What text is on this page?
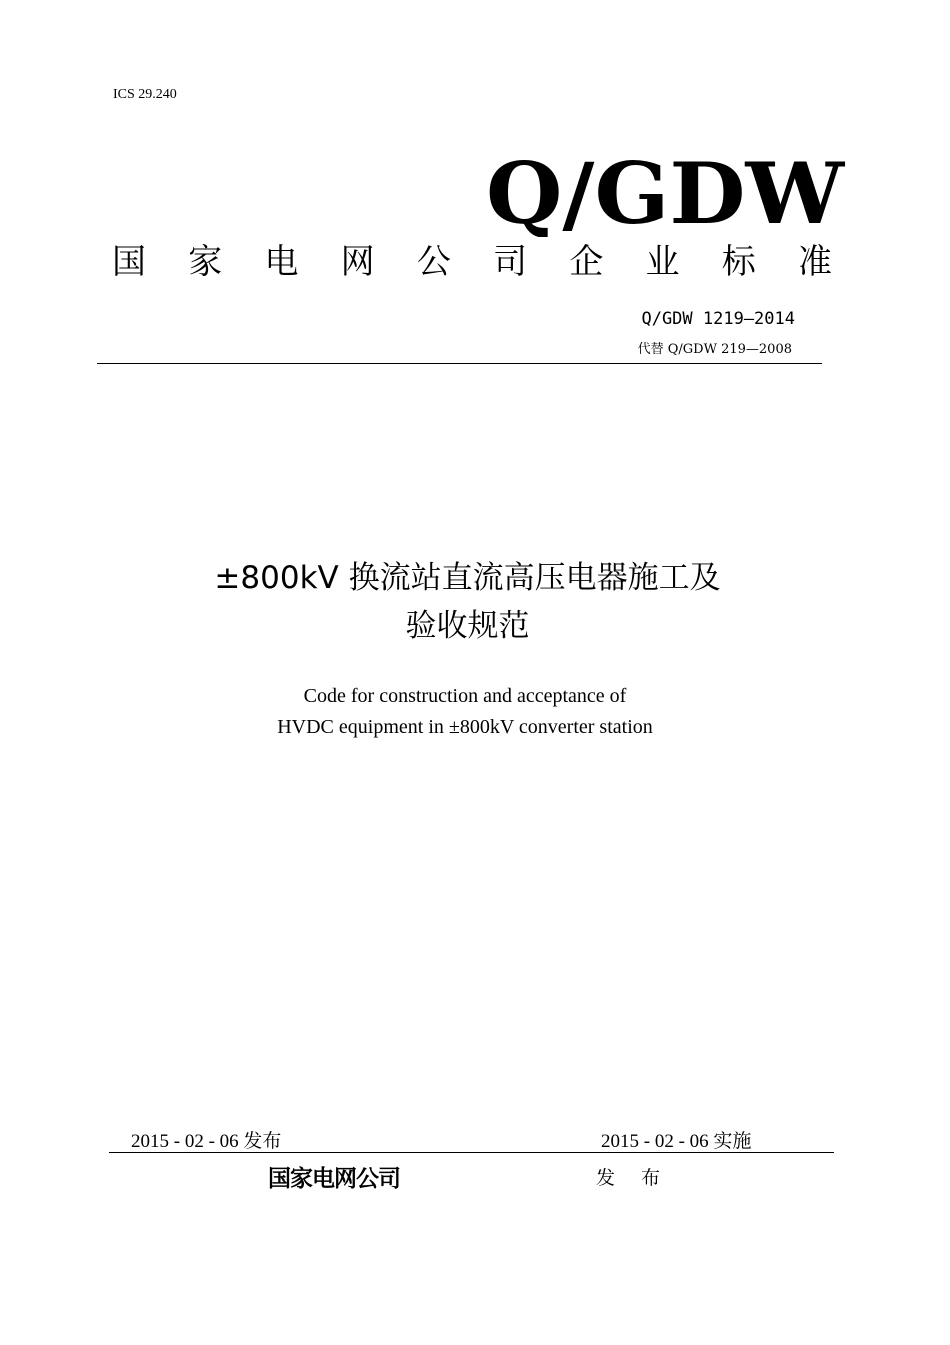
ICS 29.240
Q/GDW
国 家 电 网 公 司 企 业 标 准
Q/GDW 1219—2014
代替 Q/GDW 219—2008
±800kV 换流站直流高压电器施工及
验收规范
Code for construction and acceptance of
HVDC equipment in ±800kV converter station
2015 - 02 - 06 发布	2015 - 02 - 06 实施
国家电网公司	发 布
